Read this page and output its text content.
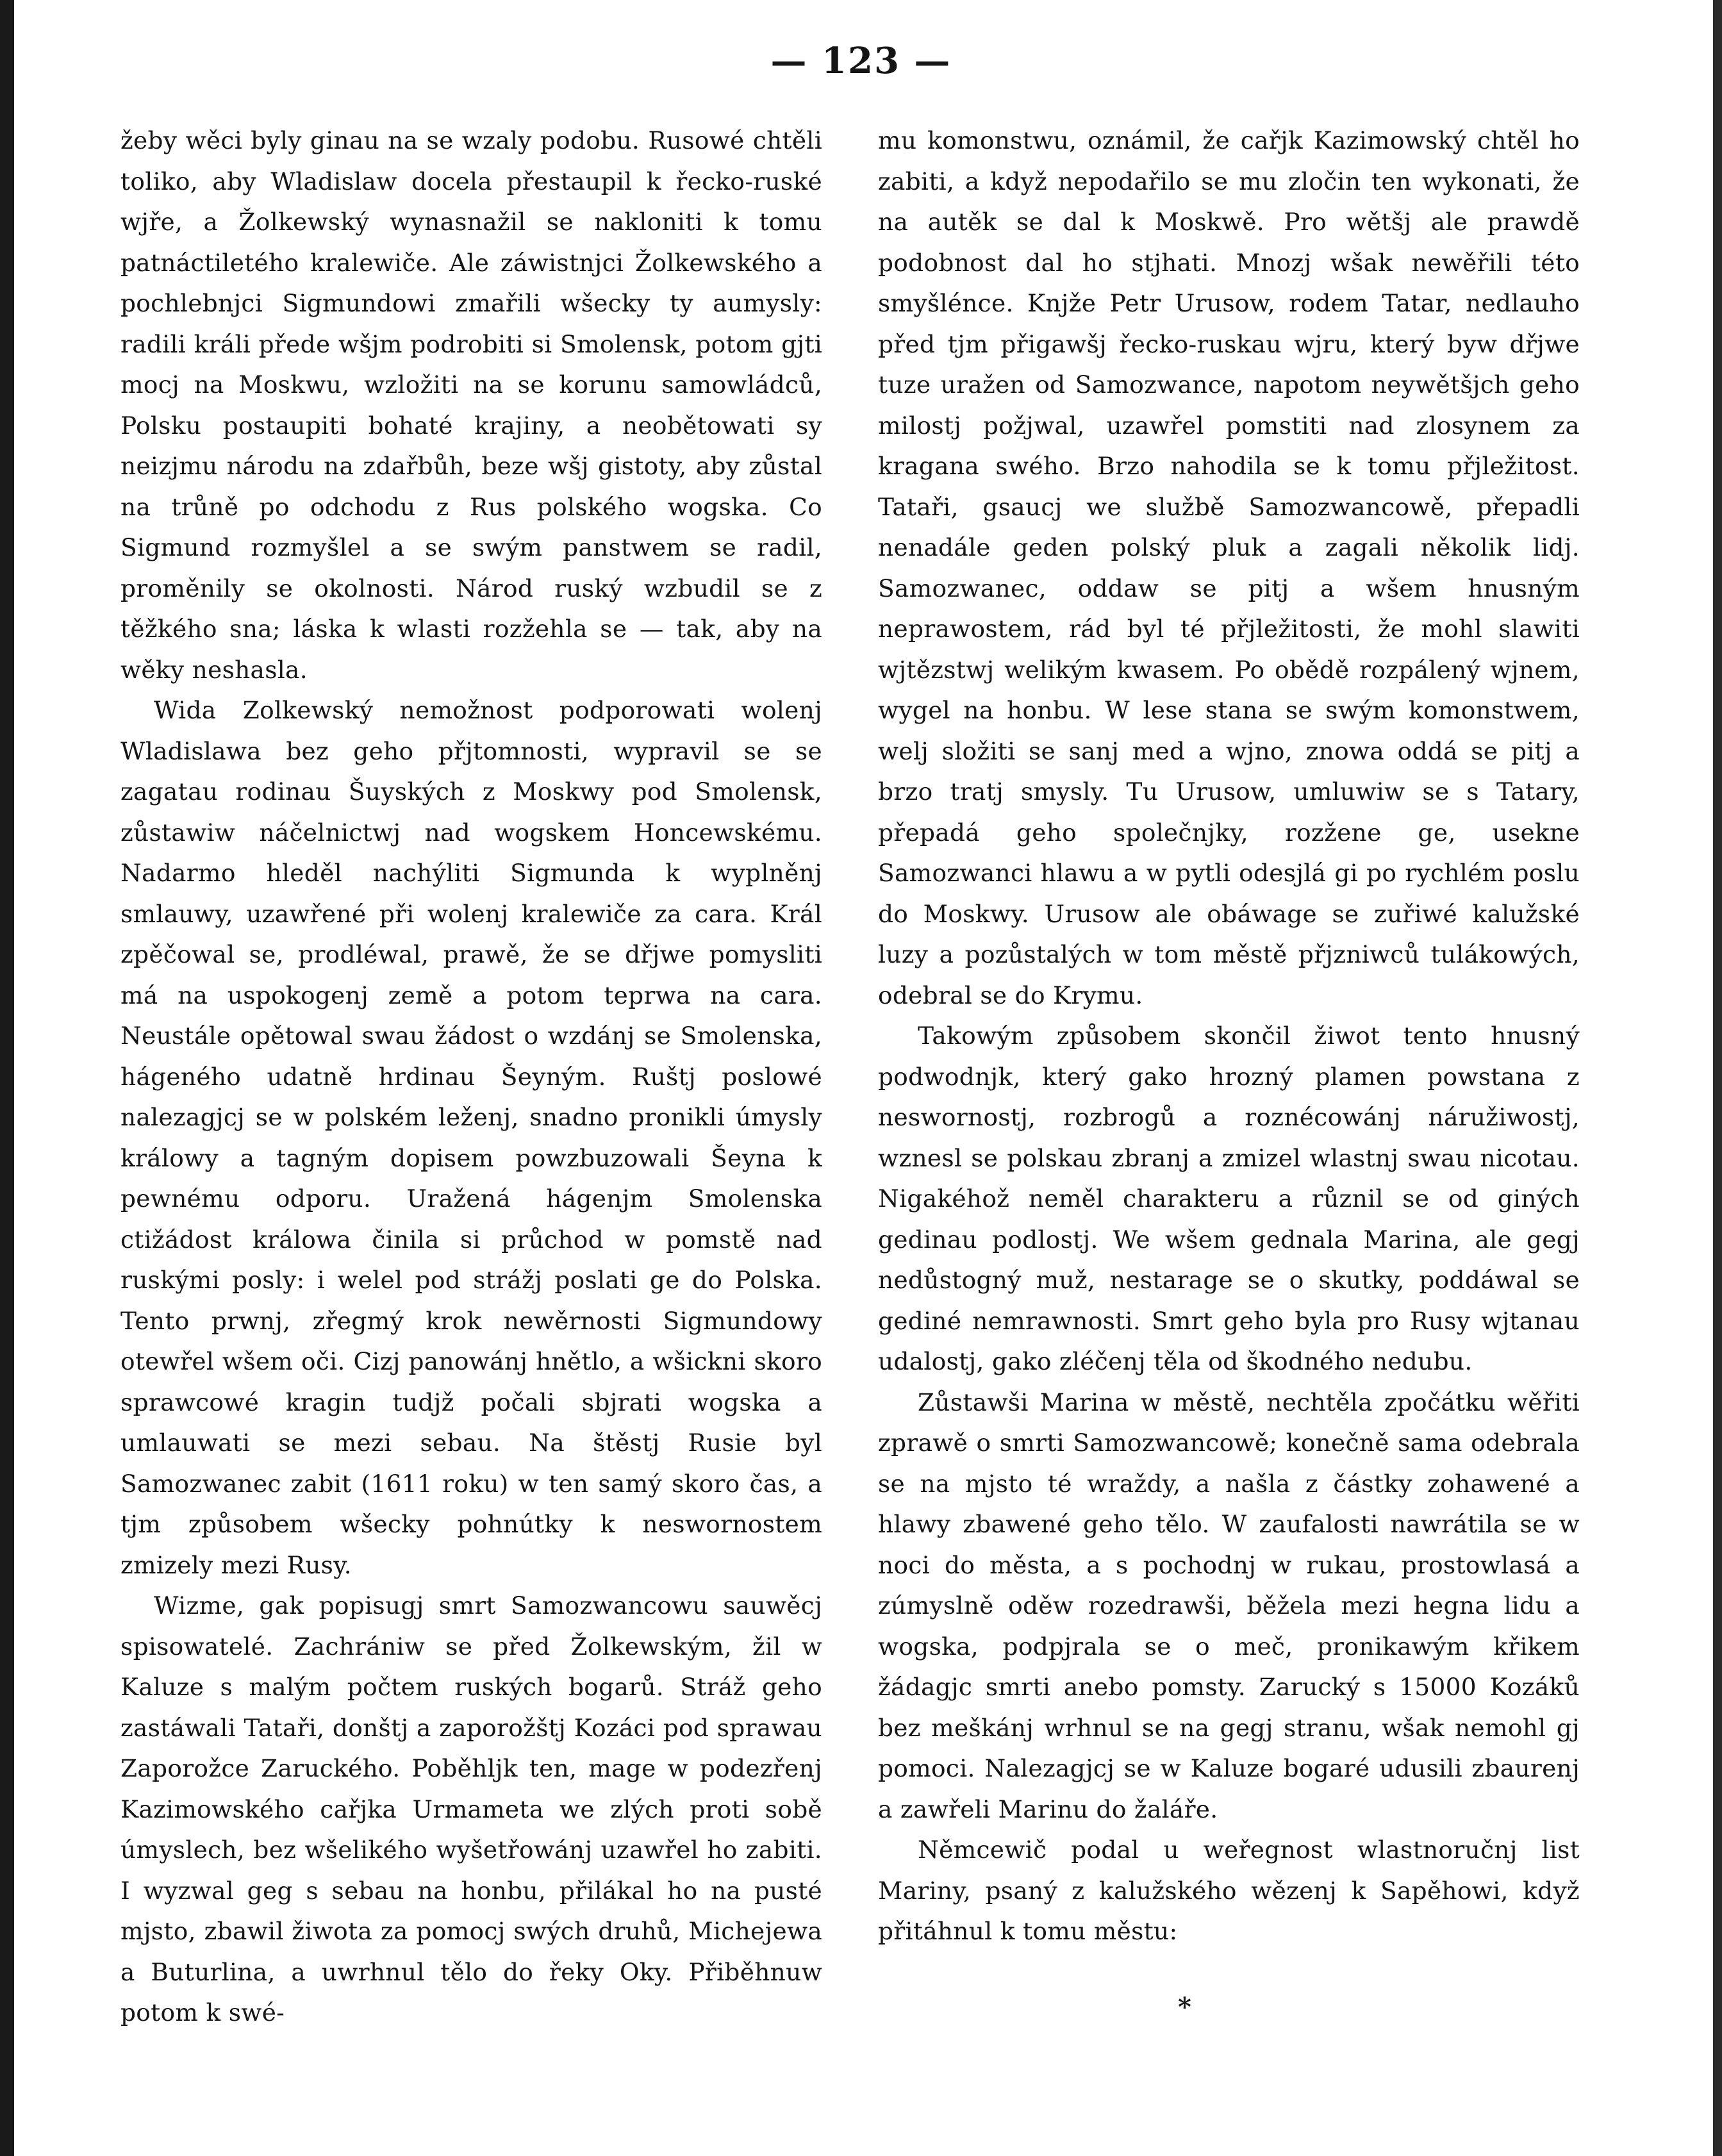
— 123 —

žeby wěci byly ginau na se wzaly podobu. Rusowé chtěli toliko, aby Wladislaw docela přestaupil k řecko-ruské wjře, a Žolkewský wynasnažil se nakloniti k tomu patnáctiletého kralewiče. Ale záwistnjci Žolkewského a pochlebnjci Sigmundowi zmařili wšecky ty aumysly: radili králi přede wšjm podrobiti si Smolensk, potom gjti mocj na Moskwu, wzložiti na se korunu samowládců, Polsku postaupiti bohaté krajiny, a neobětowati sy neizjmu národu na zdařbůh, beze wšj gistoty, aby zůstal na trůně po odchodu z Rus polského wogska. Co Sigmund rozmyšlel a se swým panstwem se radil, proměnily se okolnosti. Národ ruský wzbudil se z těžkého sna; láska k wlasti rozžehla se — tak, aby na wěky neshasla.

Wida Zolkewský nemožnost podporowati wolenj Wladislawa bez geho přjtomnosti, wypravil se se zagatau rodinau Šuyských z Moskwy pod Smolensk, zůstawiw náčelnictwj nad wogskem Honcewskému. Nadarmo hleděl nachýliti Sigmunda k wyplněnj smlauwy, uzawřené při wolenj kralewiče za cara. Král zpěčowal se, prodléwal, prawě, že se dřjwe pomysliti má na uspokogenj země a potom teprwa na cara. Neustále opětowal swau žádost o wzdánj se Smolenska, hágeného udatně hrdinau Šeyným. Ruštj poslowé nalezagjcj se w polském leženj, snadno pronikli úmysly králowy a tagným dopisem powzbuzowali Šeyna k pewnému odporu. Uražená hágenjm Smolenska ctižádost králowa činila si průchod w pomstě nad ruskými posly: i welel pod strážj poslati ge do Polska. Tento prwnj, zřegmý krok newěrnosti Sigmundowy otewřel wšem oči. Cizj panowánj hnětlo, a wšickni skoro sprawcowé kragin tudjž počali sbjrati wogska a umlauwati se mezi sebau. Na štěstj Rusie byl Samozwanec zabit (1611 roku) w ten samý skoro čas, a tjm způsobem wšecky pohnútky k neswornostem zmizely mezi Rusy.

Wizme, gak popisugj smrt Samozwancowu sauwěcj spisowatelé. Zachrániw se před Žolkewským, žil w Kaluze s malým počtem ruských bogarů. Stráž geho zastáwali Tataři, donštj a zaporožštj Kozáci pod sprawau Zaporožce Zaruckého. Poběhljk ten, mage w podezřenj Kazimowského cařjka Urmameta we zlých proti sobě úmyslech, bez wšelikého wyšetřowánj uzawřel ho zabiti. I wyzwal geg s sebau na honbu, přilákal ho na pusté mjsto, zbawil žiwota za pomocj swých druhů, Michejewa a Buturlina, a uwrhnul tělo do řeky Oky. Přiběhnuw potom k swé-

mu komonstwu, oznámil, že cařjk Kazimowský chtěl ho zabiti, a když nepodařilo se mu zločin ten wykonati, že na autěk se dal k Moskwě. Pro wětšj ale prawdě podobnost dal ho stjhati. Mnozj wšak newěřili této smyšlénce. Knjže Petr Urusow, rodem Tatar, nedlauho před tjm přigawšj řecko-ruskau wjru, který byw dřjwe tuze uražen od Samozwance, napotom neywětšjch geho milostj požjwal, uzawřel pomstiti nad zlosynem za kragana swého. Brzo nahodila se k tomu přjležitost. Tataři, gsaucj we službě Samozwancowě, přepadli nenadále geden polský pluk a zagali několik lidj. Samozwanec, oddaw se pitj a wšem hnusným neprawostem, rád byl té přjležitosti, že mohl slawiti wjtězstwj welikým kwasem. Po obědě rozpálený wjnem, wygel na honbu. W lese stana se swým komonstwem, welj složiti se sanj med a wjno, znowa oddá se pitj a brzo tratj smysly. Tu Urusow, umluwiw se s Tatary, přepadá geho společnjky, rozžene ge, usekne Samozwanci hlawu a w pytli odesjlá gi po rychlém poslu do Moskwy. Urusow ale obáwage se zuřiwé kalužské luzy a pozůstalých w tom městě přjzniwců tulákowých, odebral se do Krymu.

Takowým způsobem skončil žiwot tento hnusný podwodnjk, který gako hrozný plamen powstana z neswornostj, rozbrogů a roznécowánj náružiwostj, wznesl se polskau zbranj a zmizel wlastnj swau nicotau. Nigakéhož neměl charakteru a různil se od giných gedinau podlostj. We wšem gednala Marina, ale gegj nedůstogný muž, nestarage se o skutky, poddáwal se gediné nemrawnosti. Smrt geho byla pro Rusy wjtanau udalostj, gako zléčenj těla od škodného nedubu.

Zůstawši Marina w městě, nechtěla zpočátku wěřiti zprawě o smrti Samozwancowě; konečně sama odebrala se na mjsto té wraždy, a našla z částky zohawené a hlawy zbawené geho tělo. W zaufalosti nawrátila se w noci do města, a s pochodnj w rukau, prostowlasá a zúmyslně oděw rozedrawši, běžela mezi hegna lidu a wogska, podpjrala se o meč, pronikawým křikem žádagjc smrti anebo pomsty. Zarucký s 15000 Kozáků bez meškánj wrhnul se na gegj stranu, wšak nemohl gj pomoci. Nalezagjcj se w Kaluze bogaré udusili zbaurenj a zawřeli Marinu do žaláře.

Němcewič podal u weřegnost wlastnoručnj list Mariny, psaný z kalužského wězenj k Sapěhowi, když přitáhnul k tomu městu:

*
